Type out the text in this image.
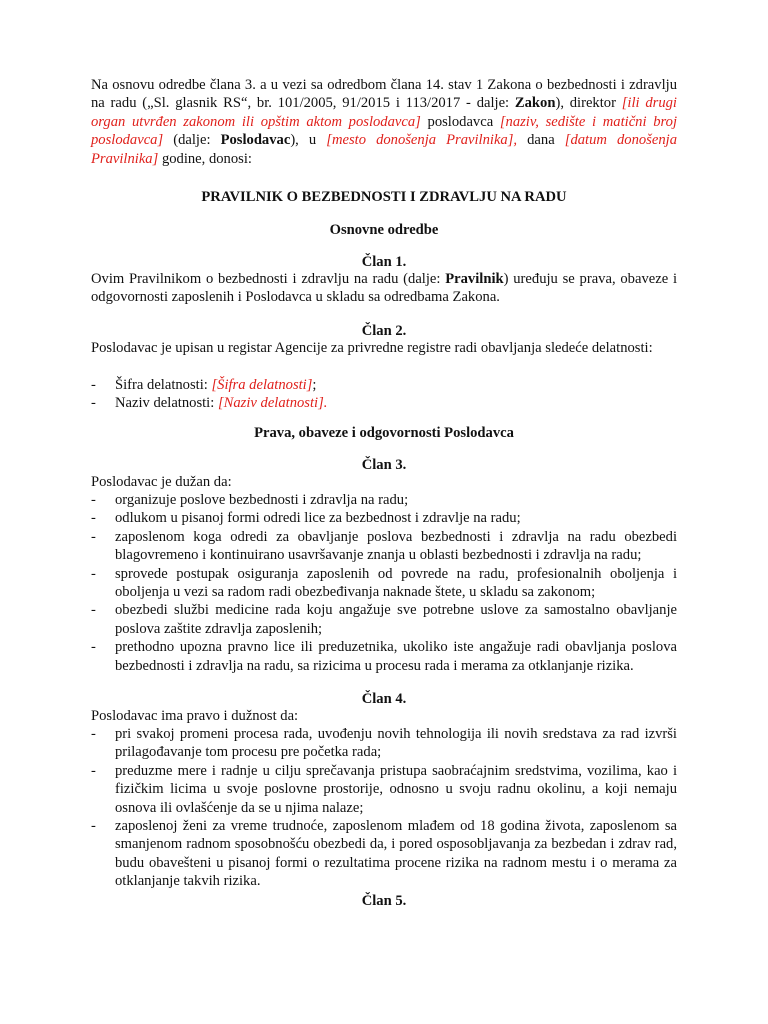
Na osnovu odredbe člana 3. a u vezi sa odredbom člana 14. stav 1 Zakona o bezbednosti i zdravlju na radu („Sl. glasnik RS“, br. 101/2005, 91/2015 i 113/2017 - dalje: Zakon), direktor [ili drugi organ utvrđen zakonom ili opštim aktom poslodavca] poslodavca [naziv, sedište i matični broj poslodavca] (dalje: Poslodavac), u [mesto donošenja Pravilnika], dana [datum donošenja Pravilnika] godine, donosi:

PRAVILNIK O BEZBEDNOSTI I ZDRAVLJU NA RADU

Osnovne odredbe

Član 1.

Ovim Pravilnikom o bezbednosti i zdravlju na radu (dalje: Pravilnik) uređuju se prava, obaveze i odgovornosti zaposlenih i Poslodavca u skladu sa odredbama Zakona.

Član 2.

Poslodavac je upisan u registar Agencije za privredne registre radi obavljanja sledeće delatnosti:

- Šifra delatnosti: [Šifra delatnosti];
- Naziv delatnosti: [Naziv delatnosti].

Prava, obaveze i odgovornosti Poslodavca

Član 3.

Poslodavac je dužan da:

- organizuje poslove bezbednosti i zdravlja na radu;
- odlukom u pisanoj formi odredi lice za bezbednost i zdravlje na radu;
- zaposlenom koga odredi za obavljanje poslova bezbednosti i zdravlja na radu obezbedi blagovremeno i kontinuirano usavršavanje znanja u oblasti bezbednosti i zdravlja na radu;
- sprovede postupak osiguranja zaposlenih od povrede na radu, profesionalnih oboljenja i oboljenja u vezi sa radom radi obezbeđivanja naknade štete, u skladu sa zakonom;
- obezbedi službi medicine rada koju angažuje sve potrebne uslove za samostalno obavljanje poslova zaštite zdravlja zaposlenih;
- prethodno upozna pravno lice ili preduzetnika, ukoliko iste angažuje radi obavljanja poslova bezbednosti i zdravlja na radu, sa rizicima u procesu rada i merama za otklanjanje rizika.

Član 4.

Poslodavac ima pravo i dužnost da:

- pri svakoj promeni procesa rada, uvođenju novih tehnologija ili novih sredstava za rad izvrši prilagođavanje tom procesu pre početka rada;
- preduzme mere i radnje u cilju sprečavanja pristupa saobraćajnim sredstvima, vozilima, kao i fizičkim licima u svoje poslovne prostorije, odnosno u svoju radnu okolinu, a koji nemaju osnova ili ovlašćenje da se u njima nalaze;
- zaposlenoj ženi za vreme trudnoće, zaposlenom mlađem od 18 godina života, zaposlenom sa smanjenom radnom sposobnošću obezbedi da, i pored osposobljavanja za bezbedan i zdrav rad, budu obavešteni u pisanoj formi o rezultatima procene rizika na radnom mestu i o merama za otklanjanje takvih rizika.

Član 5.
